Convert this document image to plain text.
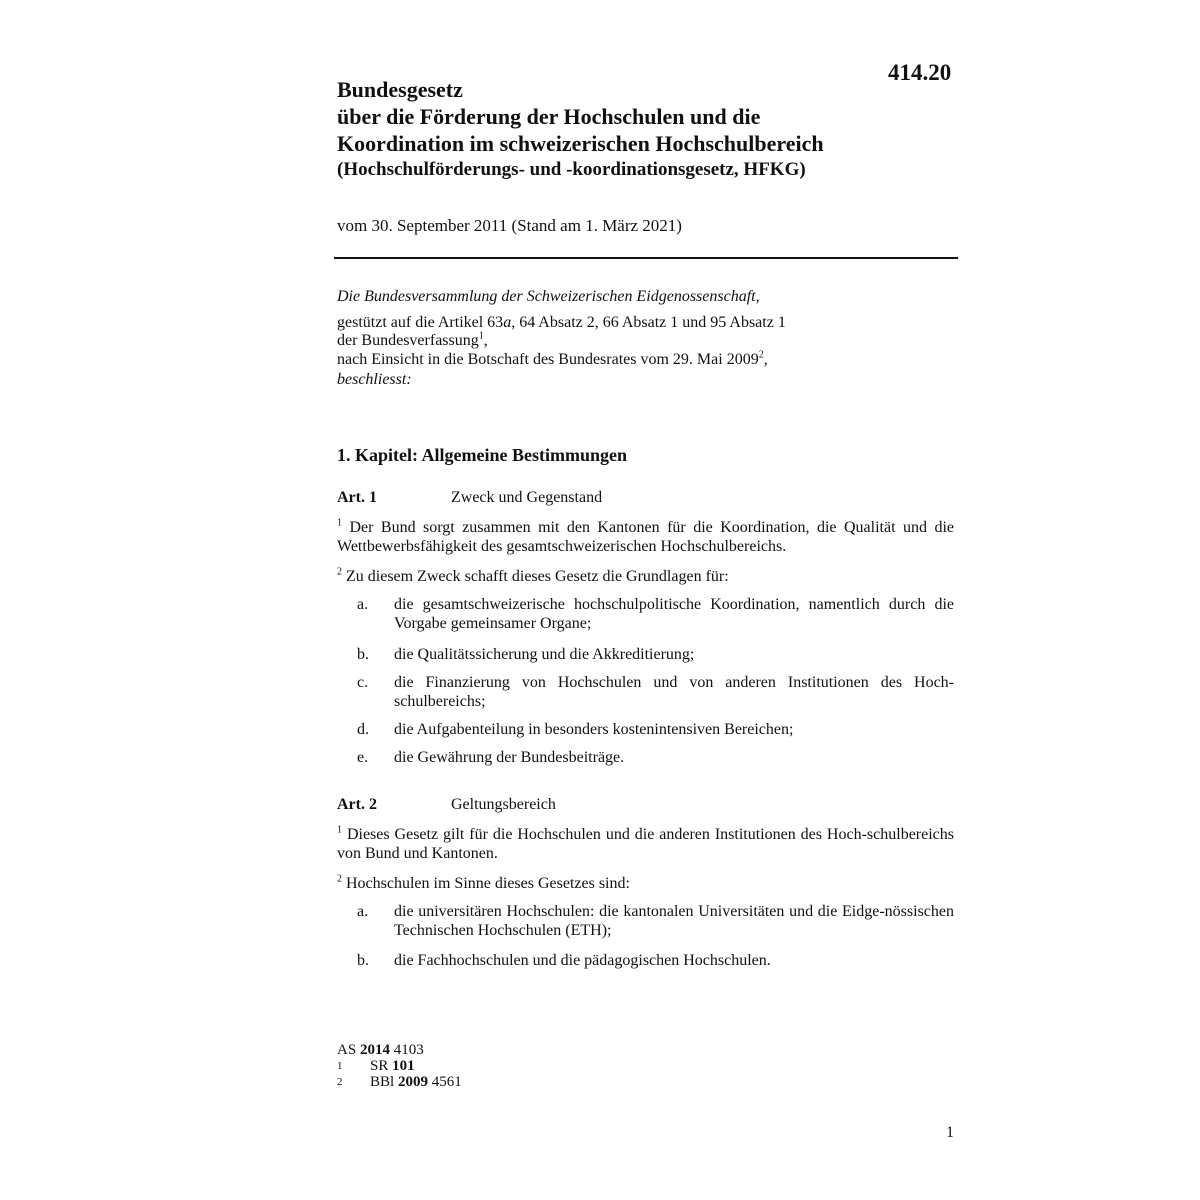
414.20
Bundesgesetz
über die Förderung der Hochschulen und die
Koordination im schweizerischen Hochschulbereich
(Hochschulförderungs- und -koordinationsgesetz, HFKG)
vom 30. September 2011 (Stand am 1. März 2021)

Die Bundesversammlung der Schweizerischen Eidgenossenschaft,

gestützt auf die Artikel 63a, 64 Absatz 2, 66 Absatz 1 und 95 Absatz 1

der Bundesverfassung$^1$,

nach Einsicht in die Botschaft des Bundesrates vom 29. Mai 2009$^2$,

beschliesst:

1. Kapitel: Allgemeine Bestimmungen
Art. 1	Zweck und Gegenstand
$^1$ Der Bund sorgt zusammen mit den Kantonen für die Koordination, die Qualität und die Wettbewerbsfähigkeit des gesamtschweizerischen Hochschulbereichs.
$^2$ Zu diesem Zweck schafft dieses Gesetz die Grundlagen für:
a. die gesamtschweizerische hochschulpolitische Koordination, namentlich durch die Vorgabe gemeinsamer Organe;
b. die Qualitätssicherung und die Akkreditierung;
c. die Finanzierung von Hochschulen und von anderen Institutionen des Hoch-schulbereichs;
d. die Aufgabenteilung in besonders kostenintensiven Bereichen;
e. die Gewährung der Bundesbeiträge.
Art. 2	Geltungsbereich
$^1$ Dieses Gesetz gilt für die Hochschulen und die anderen Institutionen des Hoch-schulbereichs von Bund und Kantonen.
$^2$ Hochschulen im Sinne dieses Gesetzes sind:
a. die universitären Hochschulen: die kantonalen Universitäten und die Eidge-nössischen Technischen Hochschulen (ETH);
b. die Fachhochschulen und die pädagogischen Hochschulen.
AS 2014 4103
1 SR 101
2 BBl 2009 4561
1
